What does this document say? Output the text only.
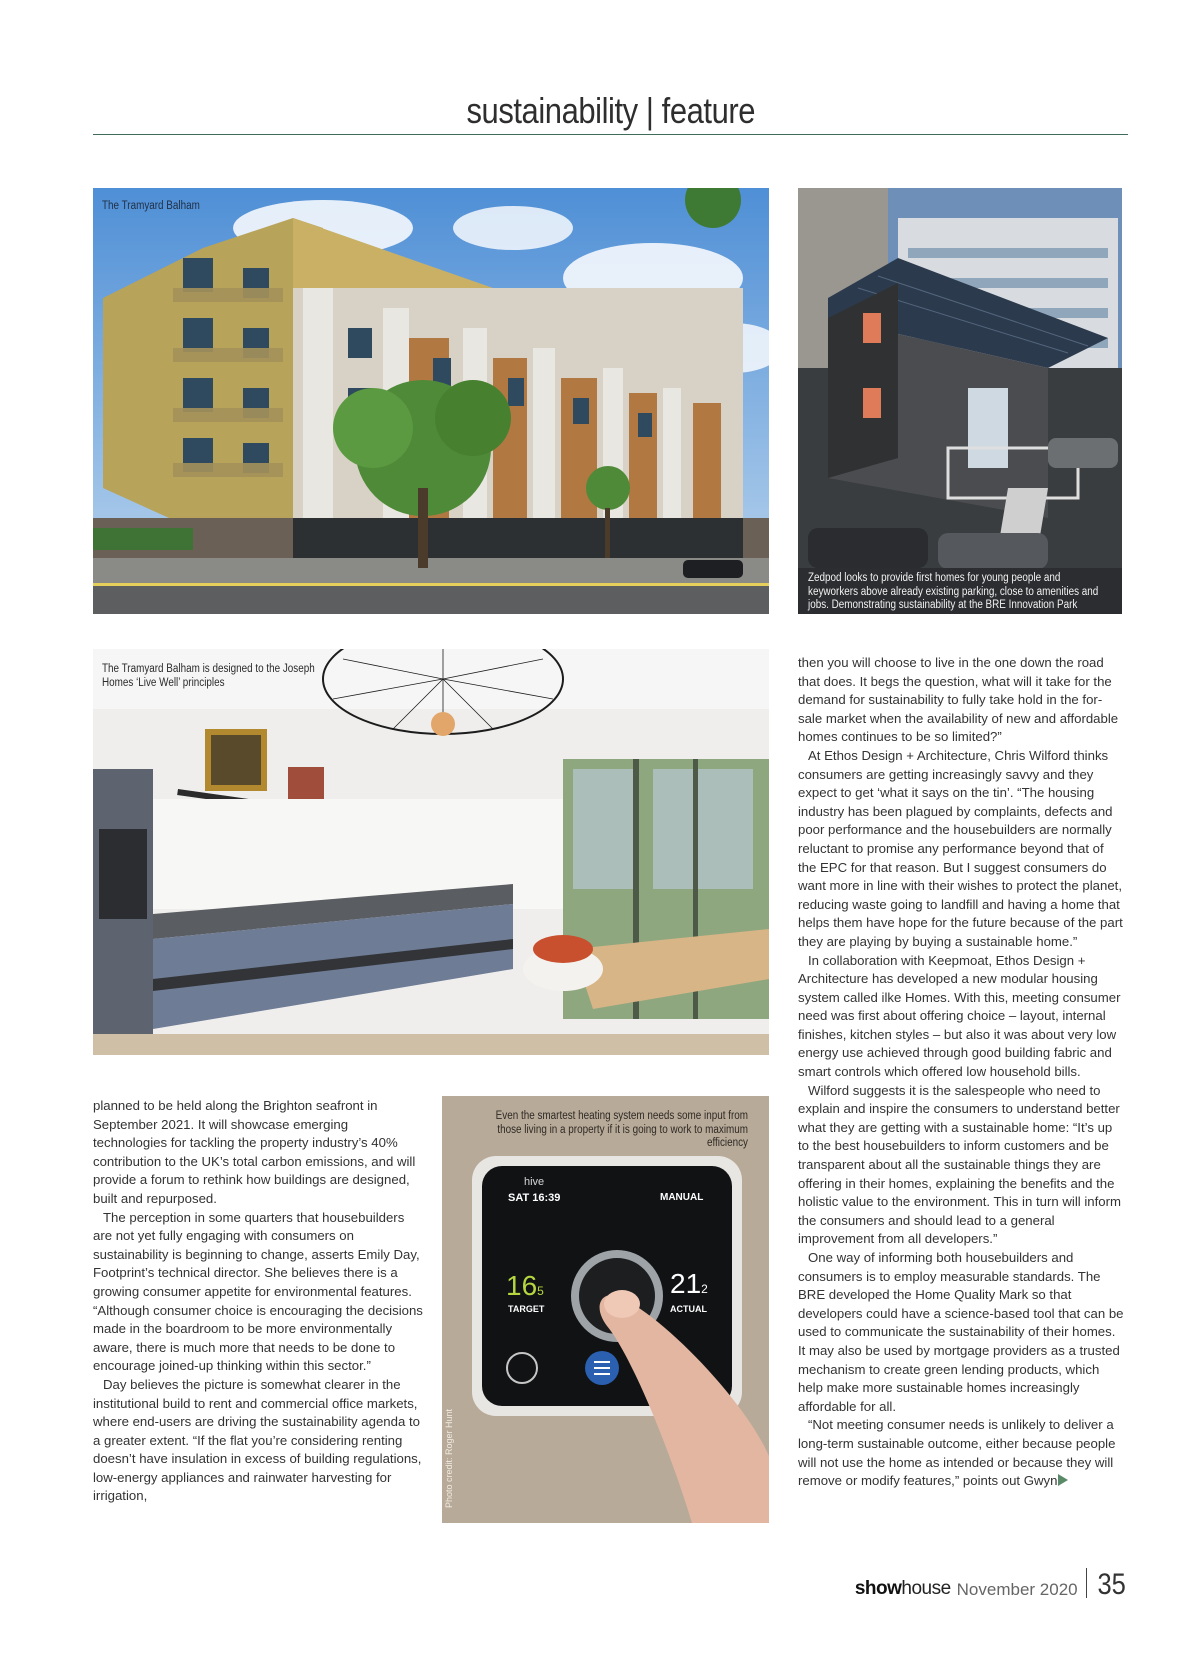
sustainability | feature
The Tramyard Balham
Zedpod looks to provide first homes for young people and keyworkers above already existing parking, close to amenities and jobs. Demonstrating sustainability at the BRE Innovation Park
The Tramyard Balham is designed to the Joseph Homes ‘Live Well’ principles
Even the smartest heating system needs some input from those living in a property if it is going to work to maximum efficiency
hive
SAT 16:39	MANUAL
165
TARGET
212
ACTUAL
Photo credit: Roger Hunt

planned to be held along the Brighton seafront in September 2021. It will showcase emerging technologies for tackling the property industry’s 40% contribution to the UK’s total carbon emissions, and will provide a forum to rethink how buildings are designed, built and repurposed.

The perception in some quarters that housebuilders are not yet fully engaging with consumers on sustainability is beginning to change, asserts Emily Day, Footprint’s technical director. She believes there is a growing consumer appetite for environmental features. “Although consumer choice is encouraging the decisions made in the boardroom to be more environmentally aware, there is much more that needs to be done to encourage joined-up thinking within this sector.”

Day believes the picture is somewhat clearer in the institutional build to rent and commercial office markets, where end-users are driving the sustainability agenda to a greater extent. “If the flat you’re considering renting doesn’t have insulation in excess of building regulations, low-energy appliances and rainwater harvesting for irrigation,

then you will choose to live in the one down the road that does. It begs the question, what will it take for the demand for sustainability to fully take hold in the for-sale market when the availability of new and affordable homes continues to be so limited?”

At Ethos Design + Architecture, Chris Wilford thinks consumers are getting increasingly savvy and they expect to get ‘what it says on the tin’. “The housing industry has been plagued by complaints, defects and poor performance and the housebuilders are normally reluctant to promise any performance beyond that of the EPC for that reason. But I suggest consumers do want more in line with their wishes to protect the planet, reducing waste going to landfill and having a home that helps them have hope for the future because of the part they are playing by buying a sustainable home.”

In collaboration with Keepmoat, Ethos Design + Architecture has developed a new modular housing system called ilke Homes. With this, meeting consumer need was first about offering choice – layout, internal finishes, kitchen styles – but also it was about very low energy use achieved through good building fabric and smart controls which offered low household bills.

Wilford suggests it is the salespeople who need to explain and inspire the consumers to understand better what they are getting with a sustainable home: “It’s up to the best housebuilders to inform customers and be transparent about all the sustainable things they are offering in their homes, explaining the benefits and the holistic value to the environment. This in turn will inform the consumers and should lead to a general improvement from all developers.”

One way of informing both housebuilders and consumers is to employ measurable standards. The BRE developed the Home Quality Mark so that developers could have a science-based tool that can be used to communicate the sustainability of their homes. It may also be used by mortgage providers as a trusted mechanism to create green lending products, which help make more sustainable homes increasingly affordable for all.

“Not meeting consumer needs is unlikely to deliver a long-term sustainable outcome, either because people will not use the home as intended or because they will remove or modify features,” points out Gwyn

show house November 2020 35
